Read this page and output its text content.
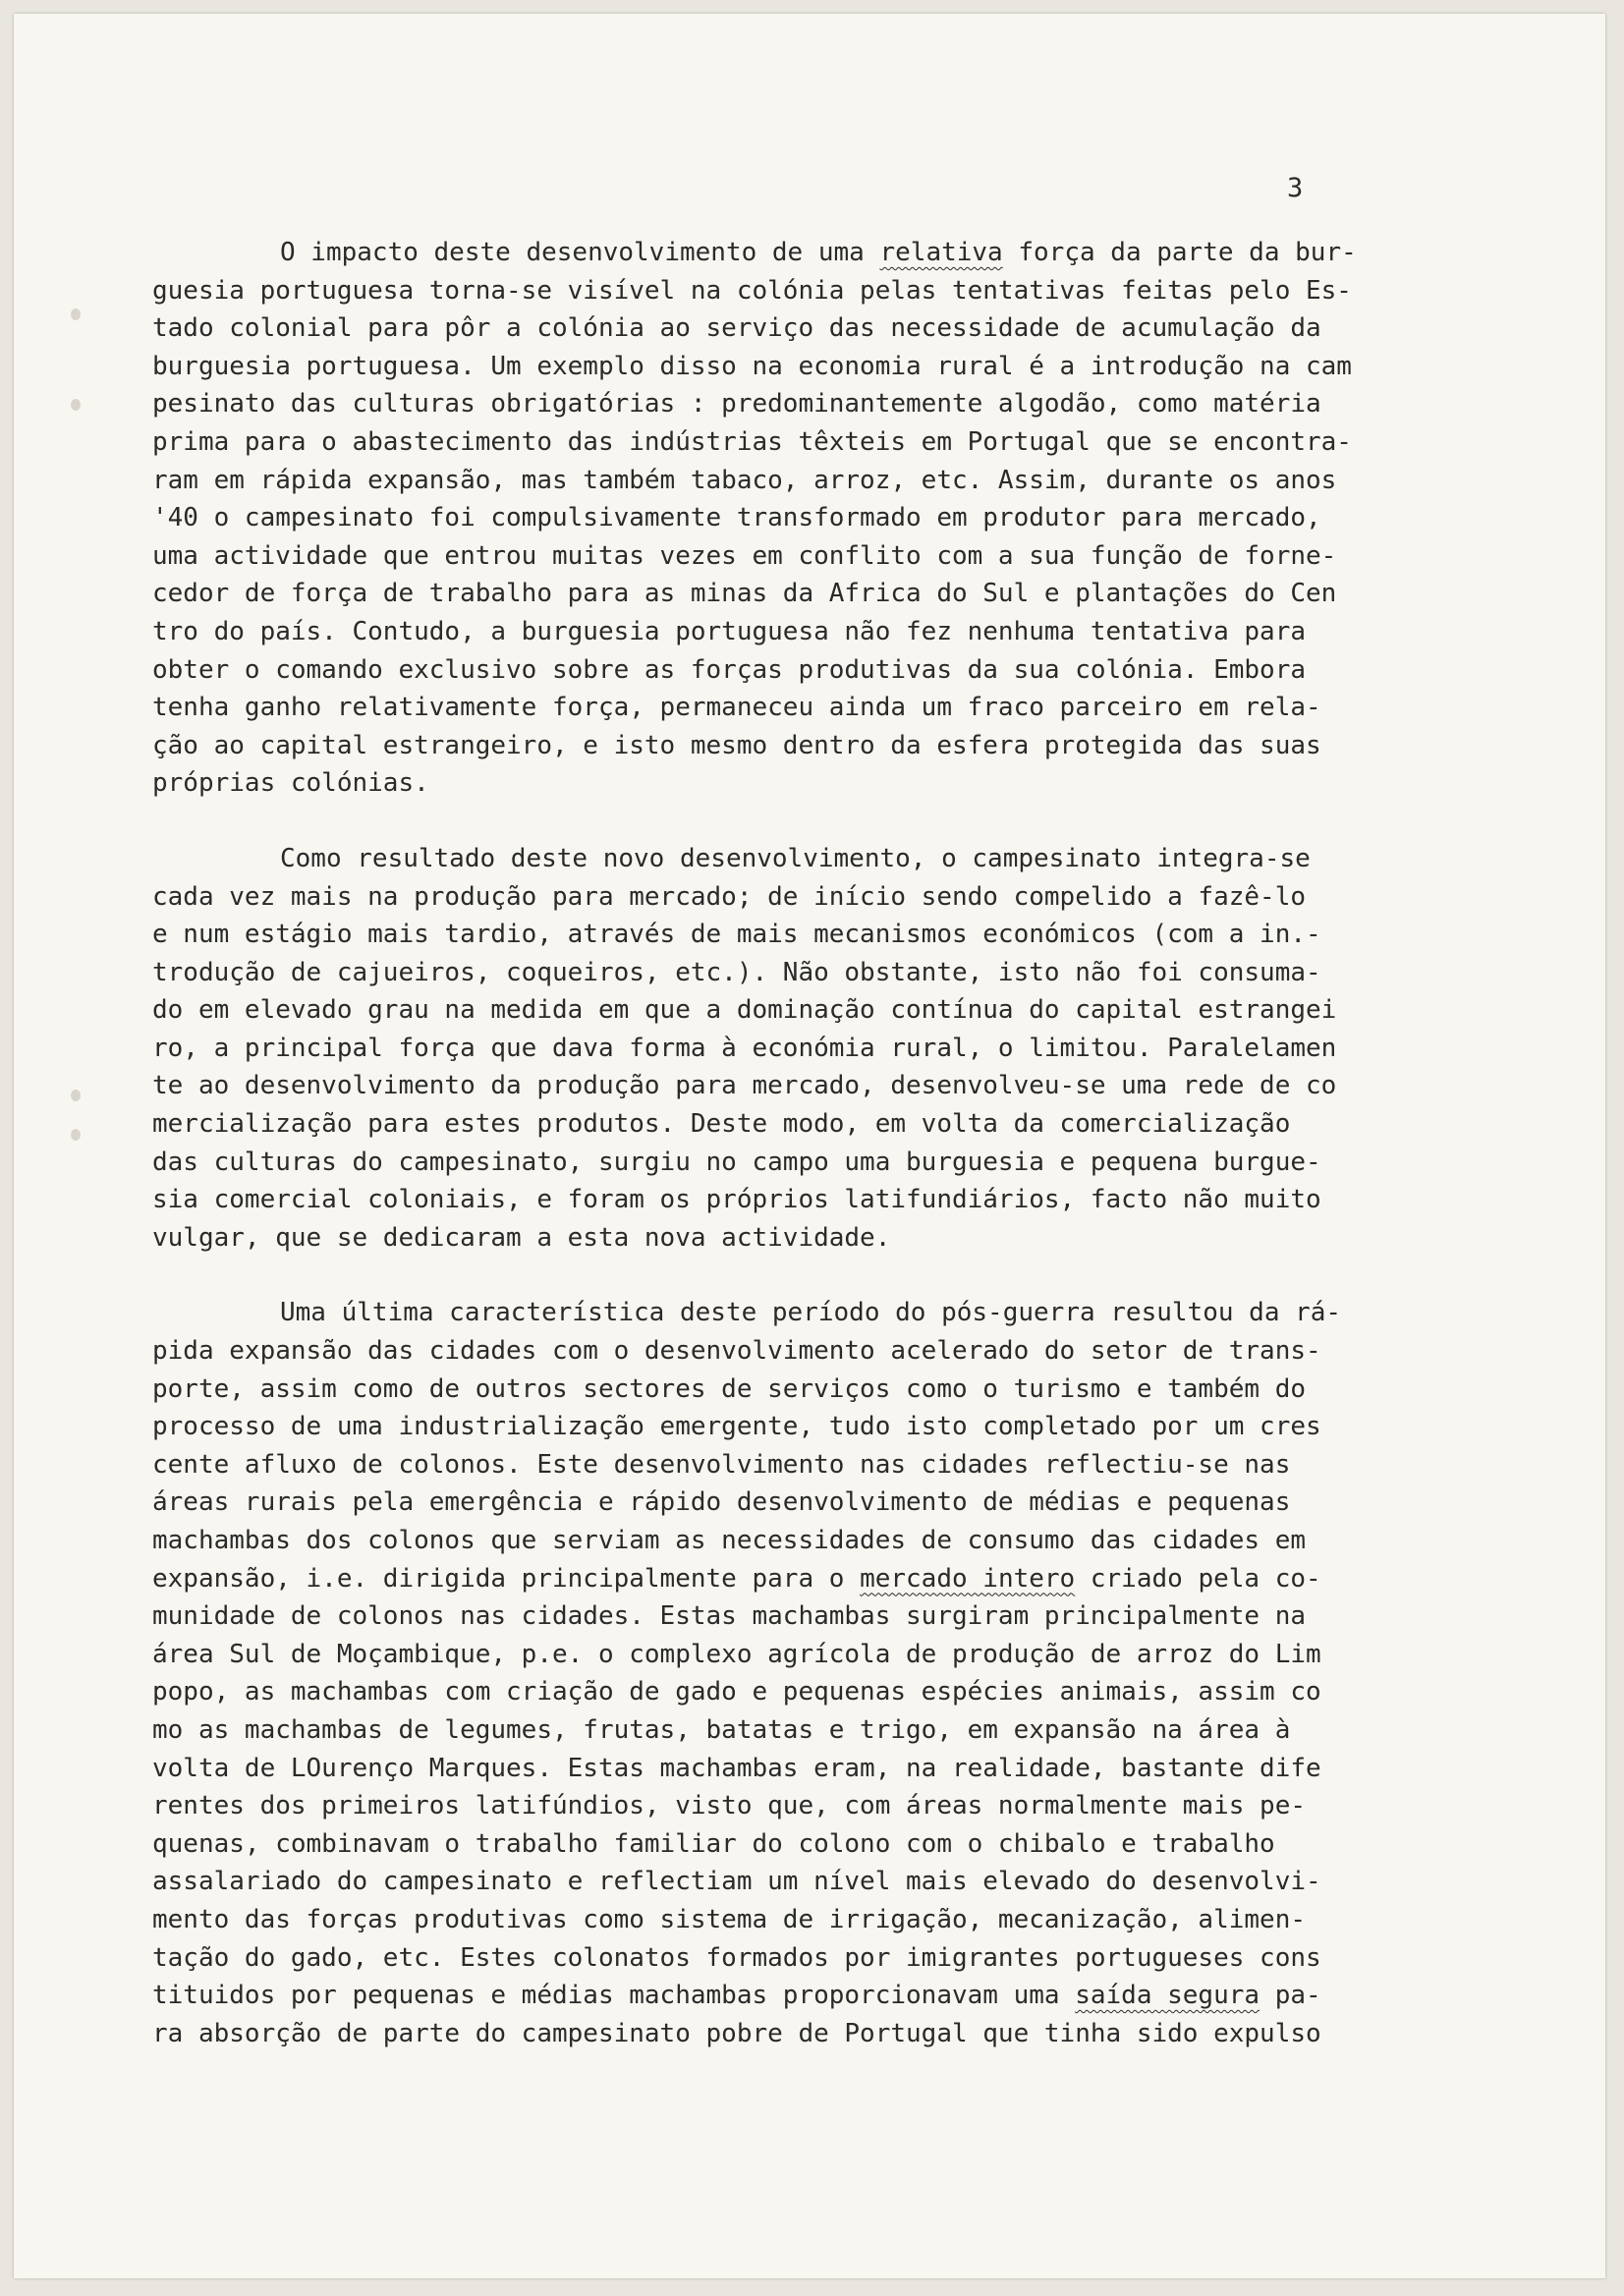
3
O impacto deste desenvolvimento de uma relativa força da parte da bur-
guesia portuguesa torna-se visível na colónia pelas tentativas feitas pelo Es-
tado colonial para pôr a colónia ao serviço das necessidade de acumulação da
burguesia portuguesa. Um exemplo disso na economia rural é a introdução na cam
pesinato das culturas obrigatórias : predominantemente algodão, como matéria
prima para o abastecimento das indústrias têxteis em Portugal que se encontra-
ram em rápida expansão, mas também tabaco, arroz, etc. Assim, durante os anos
'40 o campesinato foi compulsivamente transformado em produtor para mercado,
uma actividade que entrou muitas vezes em conflito com a sua função de forne-
cedor de força de trabalho para as minas da Africa do Sul e plantações do Cen
tro do país. Contudo, a burguesia portuguesa não fez nenhuma tentativa para
obter o comando exclusivo sobre as forças produtivas da sua colónia. Embora
tenha ganho relativamente força, permaneceu ainda um fraco parceiro em rela-
ção ao capital estrangeiro, e isto mesmo dentro da esfera protegida das suas
próprias colónias.
Como resultado deste novo desenvolvimento, o campesinato integra-se
cada vez mais na produção para mercado; de início sendo compelido a fazê-lo
e num estágio mais tardio, através de mais mecanismos económicos (com a in.-
trodução de cajueiros, coqueiros, etc.). Não obstante, isto não foi consuma-
do em elevado grau na medida em que a dominação contínua do capital estrangei
ro, a principal força que dava forma à económia rural, o limitou. Paralelamen
te ao desenvolvimento da produção para mercado, desenvolveu-se uma rede de co
mercialização para estes produtos. Deste modo, em volta da comercialização
das culturas do campesinato, surgiu no campo uma burguesia e pequena burgue-
sia comercial coloniais, e foram os próprios latifundiários, facto não muito
vulgar, que se dedicaram a esta nova actividade.
Uma última característica deste período do pós-guerra resultou da rá-
pida expansão das cidades com o desenvolvimento acelerado do setor de trans-
porte, assim como de outros sectores de serviços como o turismo e também do
processo de uma industrialização emergente, tudo isto completado por um cres
cente afluxo de colonos. Este desenvolvimento nas cidades reflectiu-se nas
áreas rurais pela emergência e rápido desenvolvimento de médias e pequenas
machambas dos colonos que serviam as necessidades de consumo das cidades em
expansão, i.e. dirigida principalmente para o mercado intero criado pela co-
munidade de colonos nas cidades. Estas machambas surgiram principalmente na
área Sul de Moçambique, p.e. o complexo agrícola de produção de arroz do Lim
popo, as machambas com criação de gado e pequenas espécies animais, assim co
mo as machambas de legumes, frutas, batatas e trigo, em expansão na área à
volta de LOurenço Marques. Estas machambas eram, na realidade, bastante dife
rentes dos primeiros latifúndios, visto que, com áreas normalmente mais pe-
quenas, combinavam o trabalho familiar do colono com o chibalo e trabalho
assalariado do campesinato e reflectiam um nível mais elevado do desenvolvi-
mento das forças produtivas como sistema de irrigação, mecanização, alimen-
tação do gado, etc. Estes colonatos formados por imigrantes portugueses cons
tituidos por pequenas e médias machambas proporcionavam uma saída segura pa-
ra absorção de parte do campesinato pobre de Portugal que tinha sido expulso
